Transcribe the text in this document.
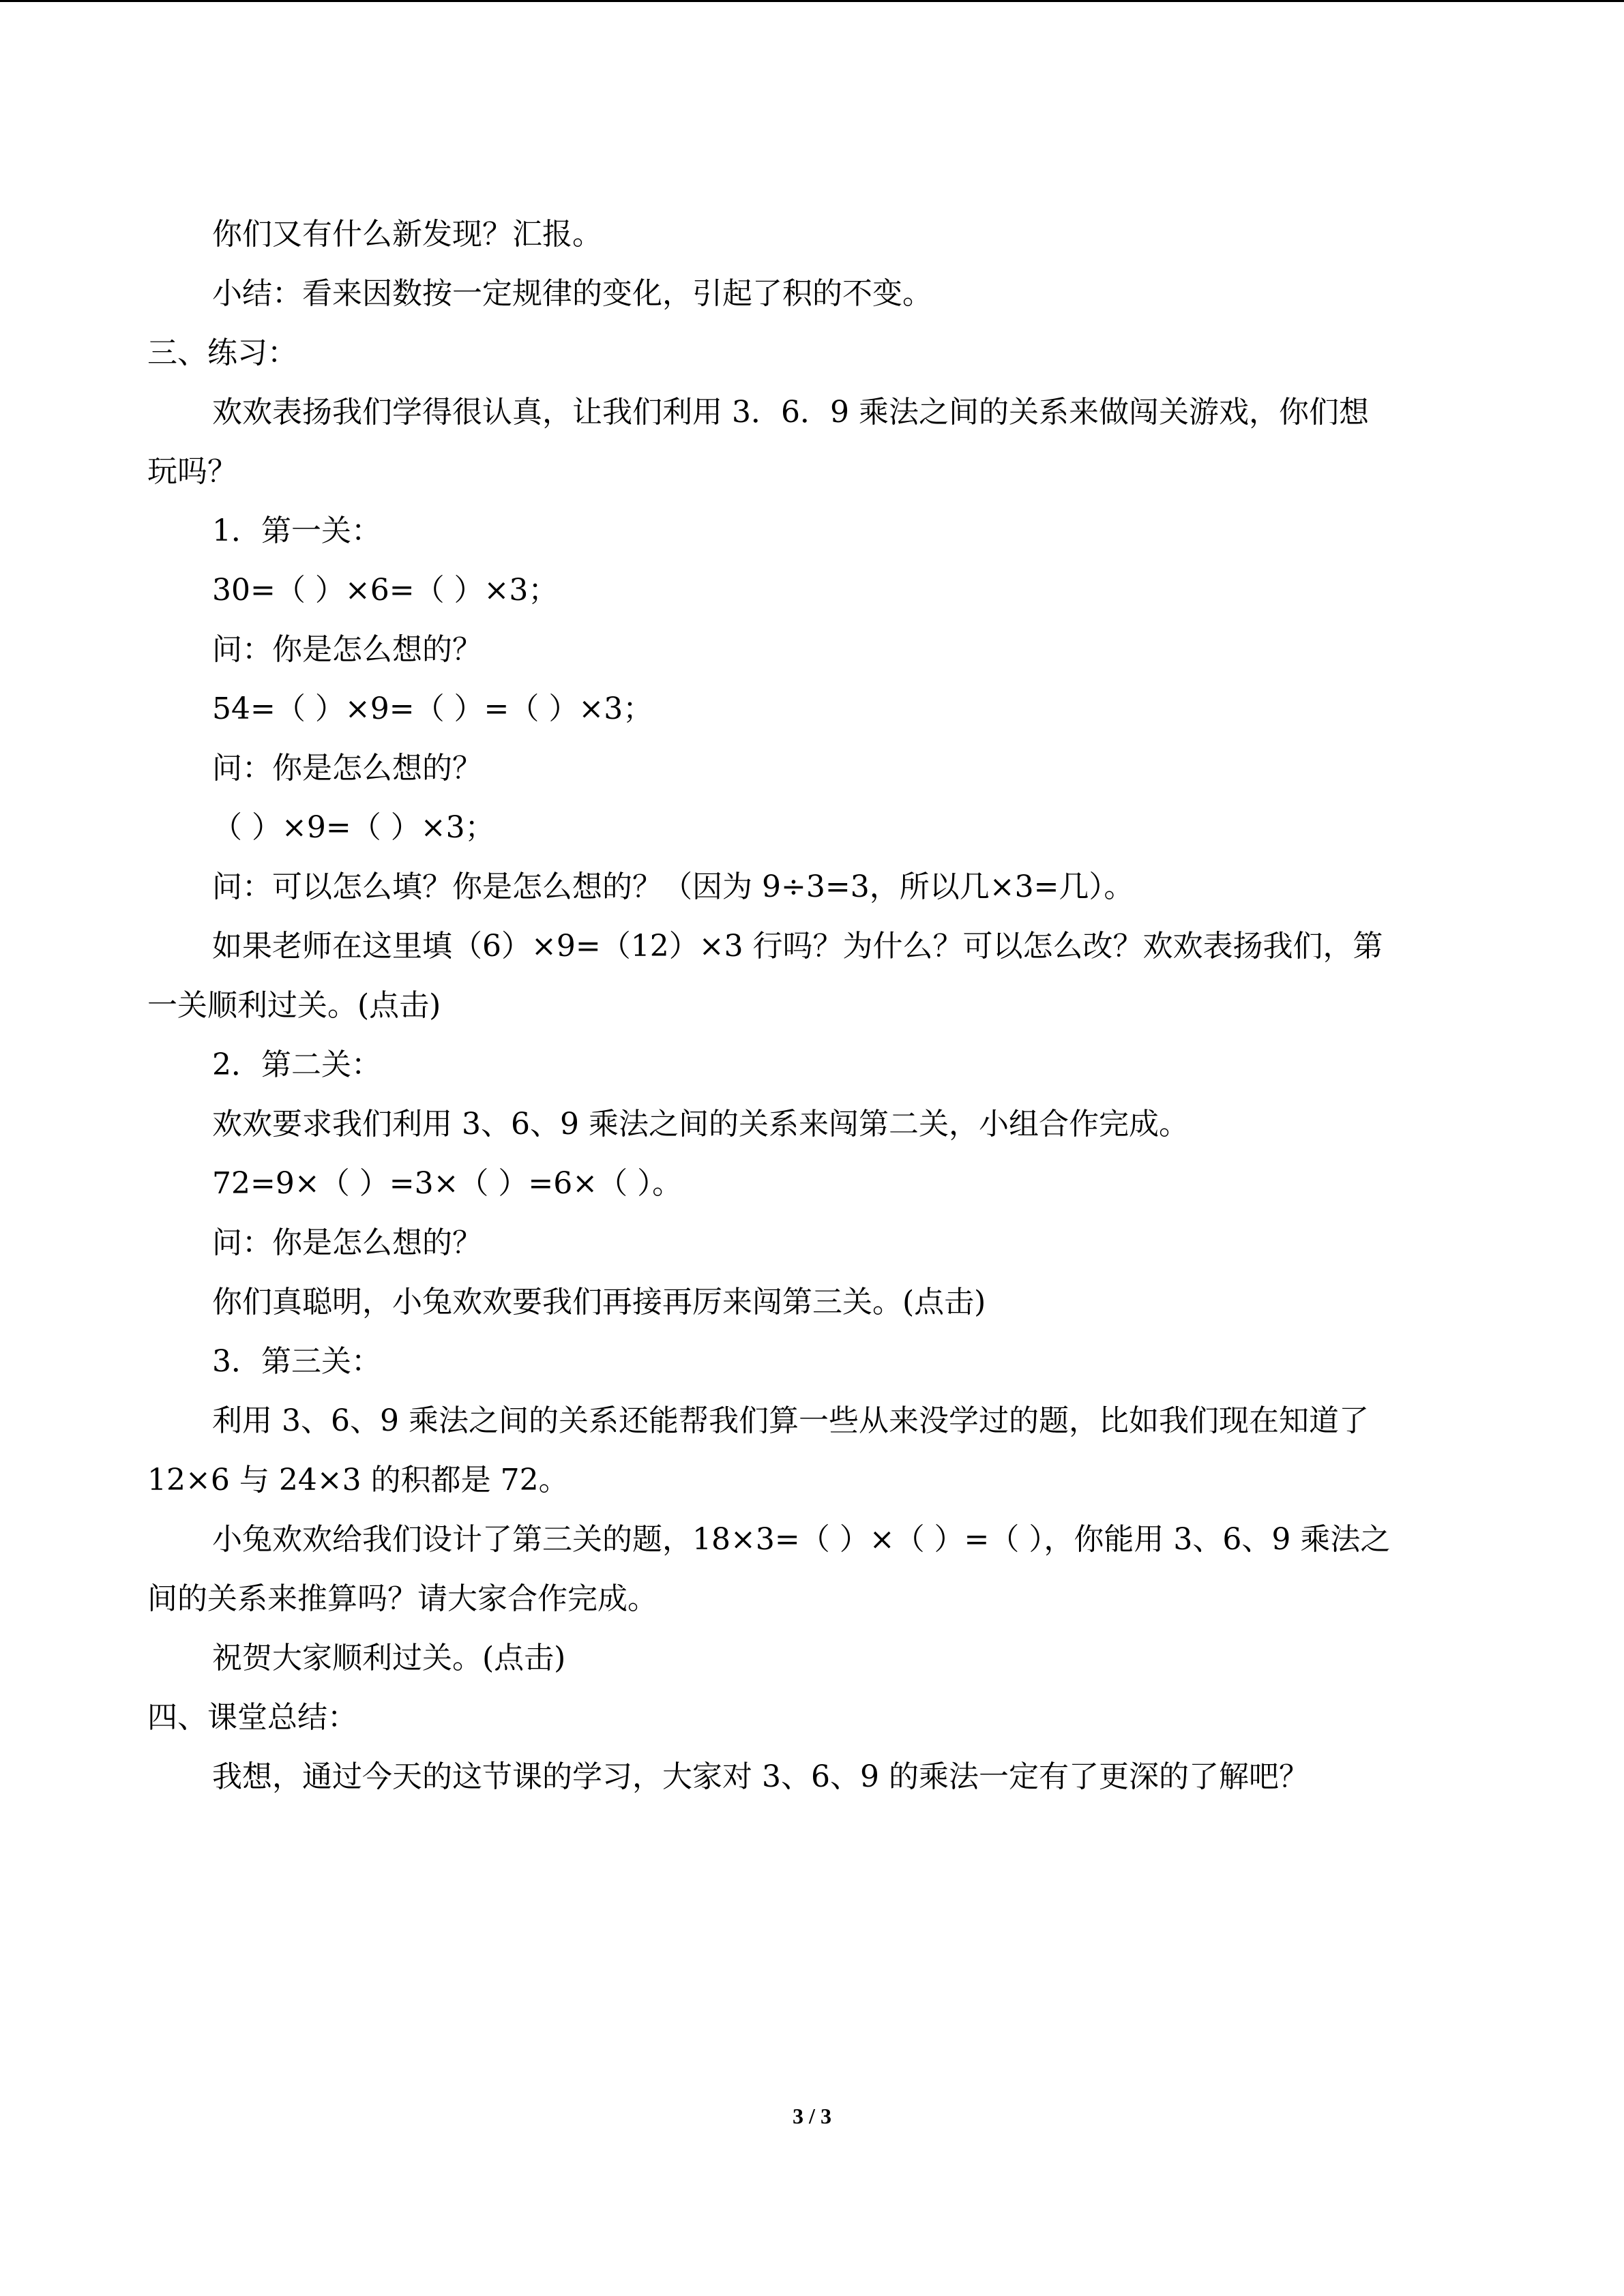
你们又有什么新发现？汇报。

小结：看来因数按一定规律的变化，引起了积的不变。

三、练习：

欢欢表扬我们学得很认真，让我们利用 3．6．9 乘法之间的关系来做闯关游戏，你们想

玩吗？

1．第一关：

30=（ ）×6=（ ）×3；

问：你是怎么想的？

54=（ ）×9=（ ）=（ ）×3；

问：你是怎么想的？

（ ）×9=（ ）×3；

问：可以怎么填？你是怎么想的？（因为 9÷3=3，所以几×3=几）。

如果老师在这里填（6）×9=（12）×3 行吗？为什么？可以怎么改？欢欢表扬我们，第

一关顺利过关。(点击)

2．第二关：

欢欢要求我们利用 3、6、9 乘法之间的关系来闯第二关，小组合作完成。

72=9×（ ）=3×（ ）=6×（ ）。

问：你是怎么想的？

你们真聪明，小兔欢欢要我们再接再厉来闯第三关。(点击)

3．第三关：

利用 3、6、9 乘法之间的关系还能帮我们算一些从来没学过的题，比如我们现在知道了

12×6 与 24×3 的积都是 72。

小兔欢欢给我们设计了第三关的题，18×3=（ ）×（ ）=（ ），你能用 3、6、9 乘法之

间的关系来推算吗？请大家合作完成。

祝贺大家顺利过关。(点击)

四、课堂总结：

我想，通过今天的这节课的学习，大家对 3、6、9 的乘法一定有了更深的了解吧？

3 / 3
